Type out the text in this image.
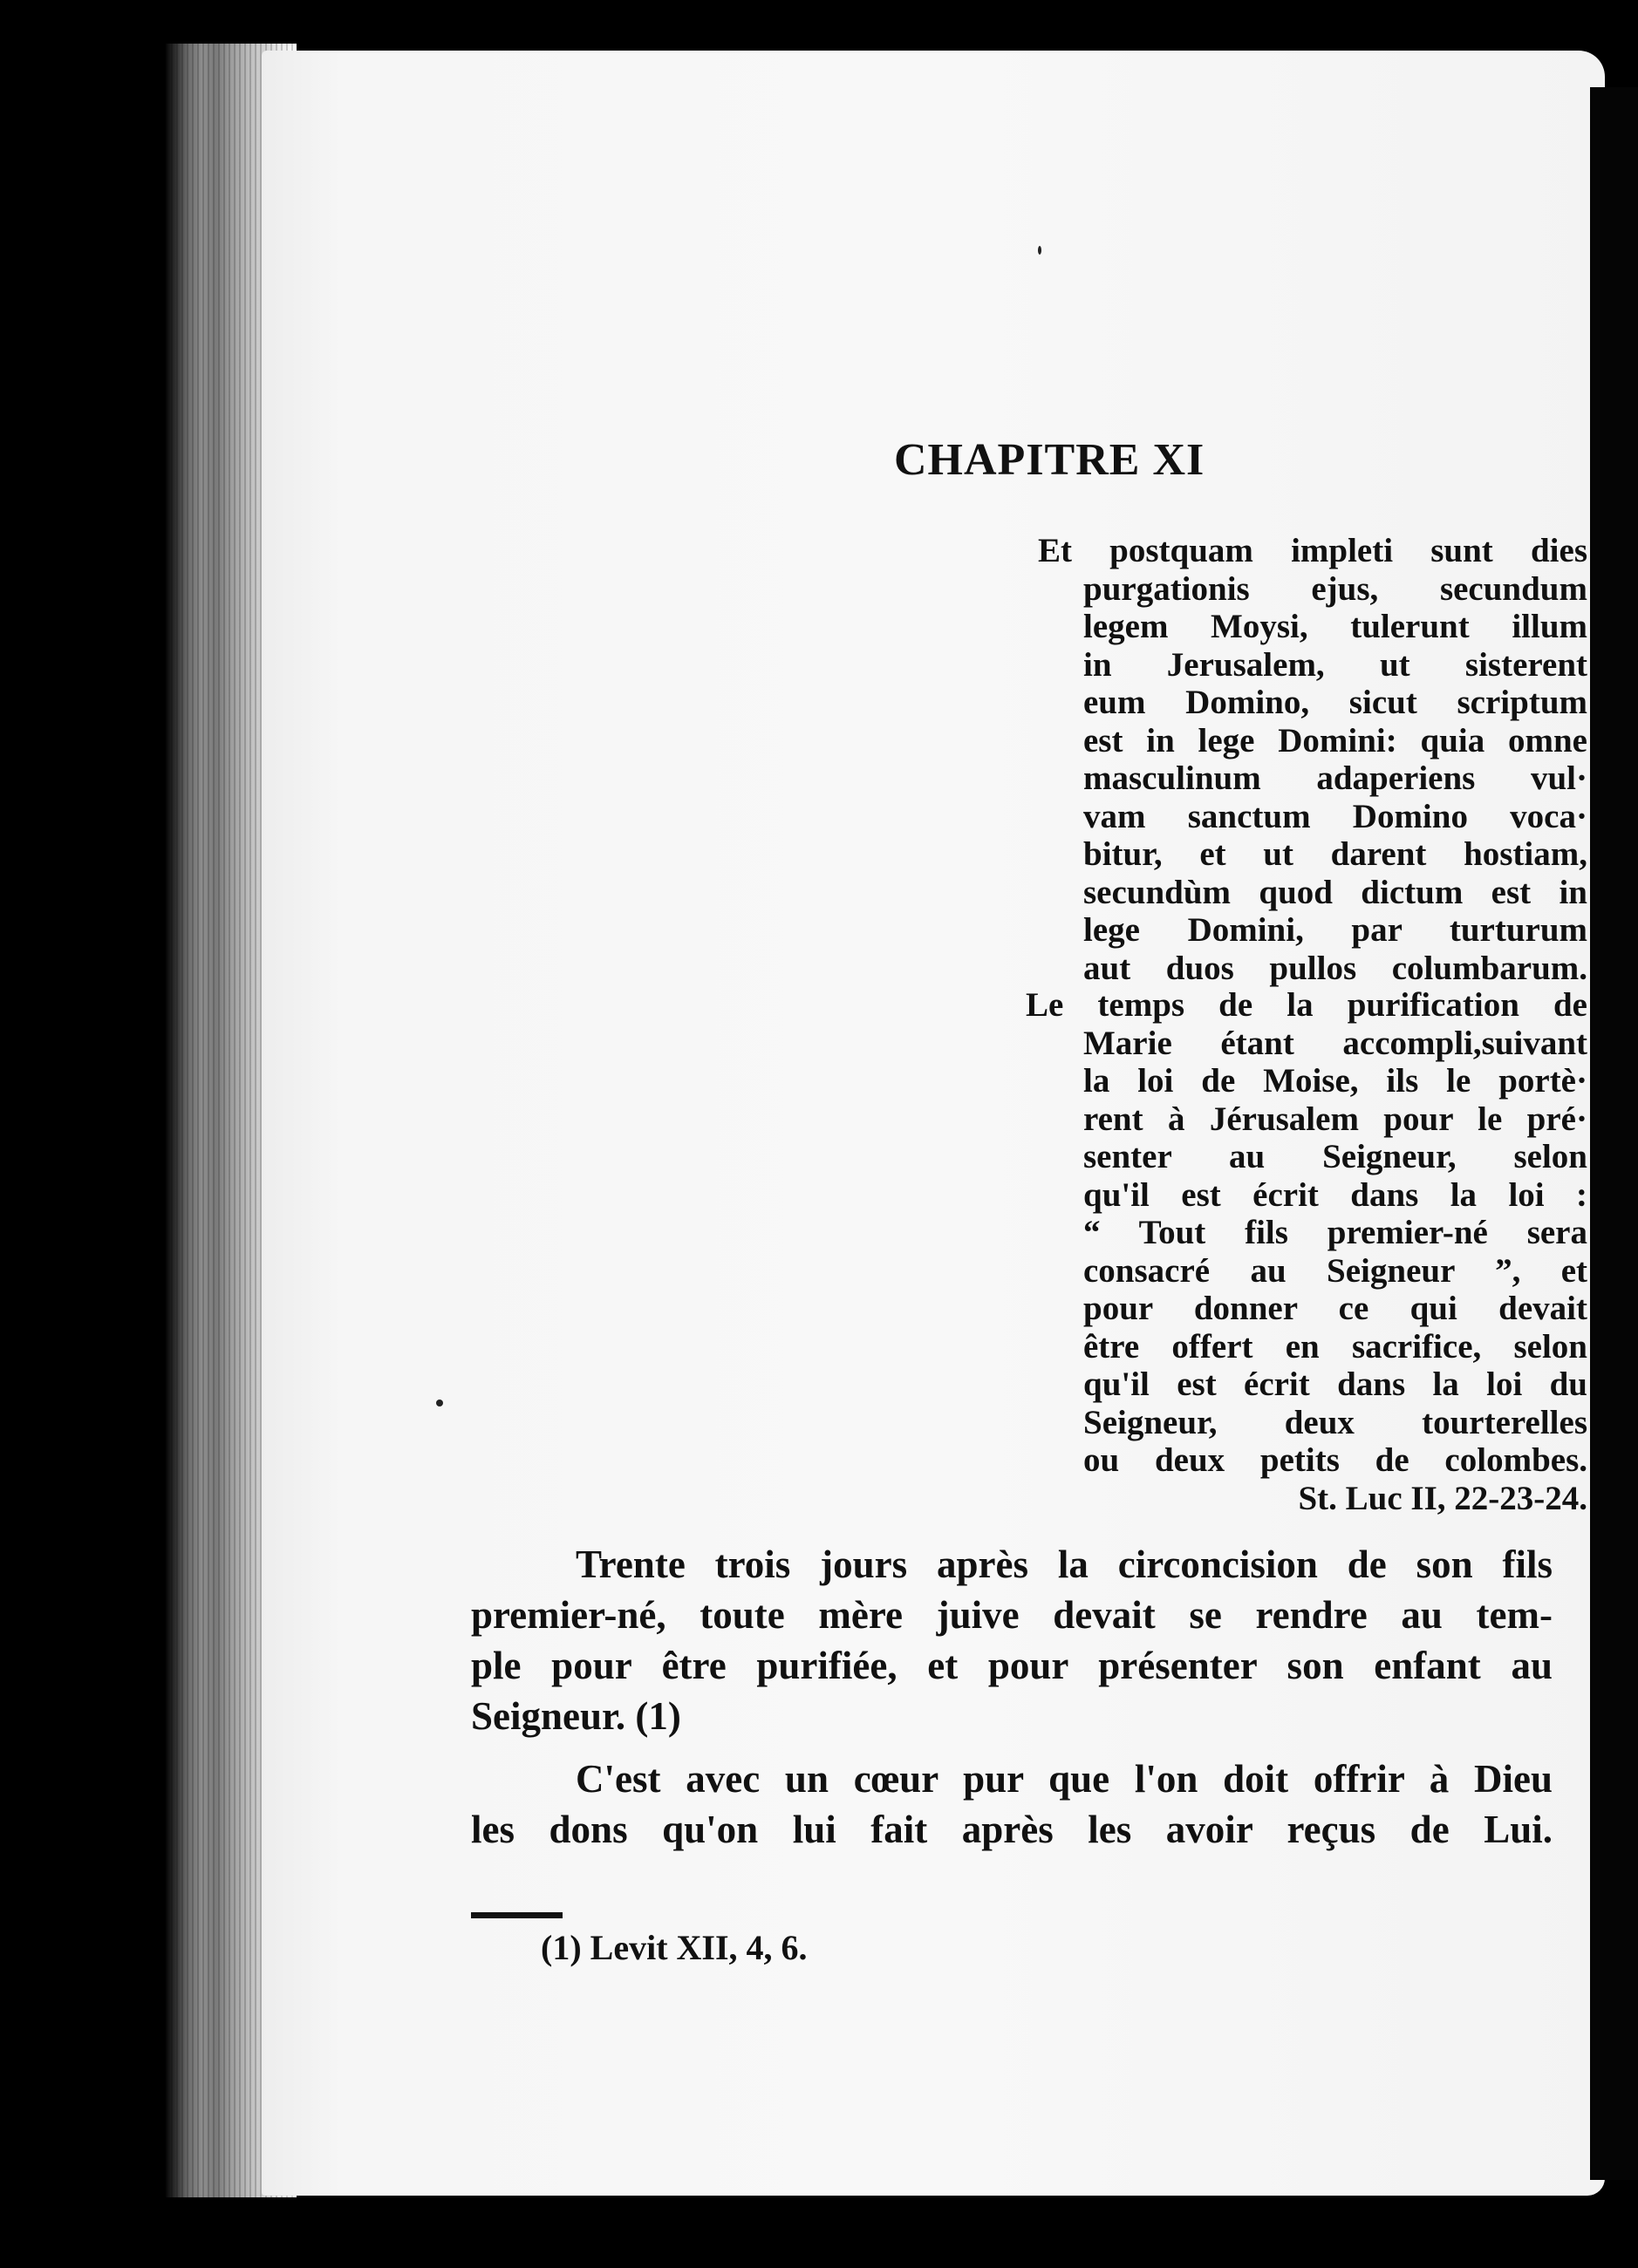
CHAPITRE XI
Et postquam impleti sunt dies
purgationis ejus, secundum
legem Moysi, tulerunt illum
in Jerusalem, ut sisterent
eum Domino, sicut scriptum
est in lege Domini: quia omne
masculinum adaperiens vul·
vam sanctum Domino voca·
bitur, et ut darent hostiam,
secundùm quod dictum est in
lege Domini, par turturum
aut duos pullos columbarum.
Le temps de la purification de
Marie étant accompli,suivant
la loi de Moise, ils le portè·
rent à Jérusalem pour le pré·
senter au Seigneur, selon
qu'il est écrit dans la loi :
“ Tout fils premier-né sera
consacré au Seigneur ”, et
pour donner ce qui devait
être offert en sacrifice, selon
qu'il est écrit dans la loi du
Seigneur, deux tourterelles
ou deux petits de colombes.
St. Luc II, 22-23-24.
Trente trois jours après la circoncision de son fils
premier-né, toute mère juive devait se rendre au tem-
ple pour être purifiée, et pour présenter son enfant au
Seigneur. (1)
C'est avec un cœur pur que l'on doit offrir à Dieu
les dons qu'on lui fait après les avoir reçus de Lui.

(1) Levit XII, 4, 6.
